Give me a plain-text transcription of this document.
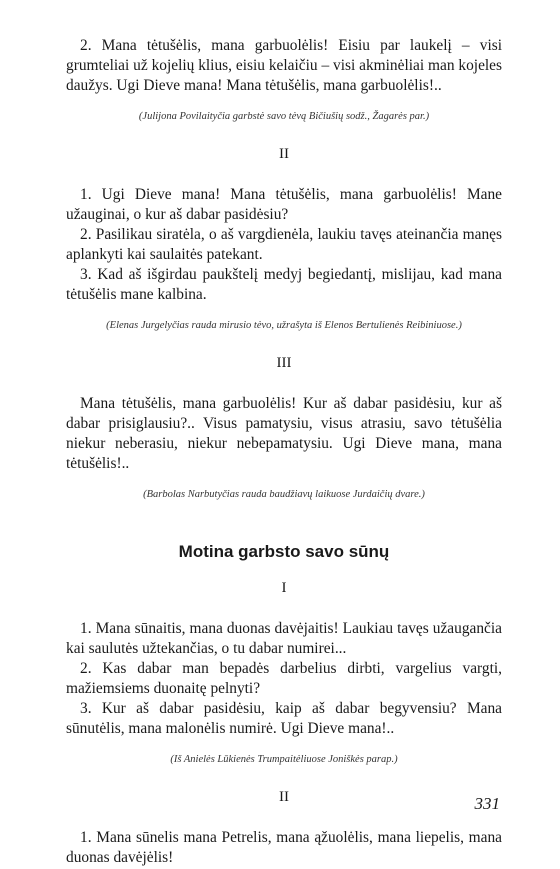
2. Mana tėtušėlis, mana garbuolėlis! Eisiu par laukelį – visi grumteliai už kojelių klius, eisiu kelaičiu – visi akminėliai man kojeles daužys. Ugi Dieve mana! Mana tėtušėlis, mana garbuolėlis!..

(Julijona Povilaityčia garbstė savo tėvą Bičiušių sodž., Žagarės par.)

II

1. Ugi Dieve mana! Mana tėtušėlis, mana garbuolėlis! Mane užauginai, o kur aš dabar pasidėsiu?

2. Pasilikau siratėla, o aš vargdienėla, laukiu tavęs ateinančia manęs aplankyti kai saulaitės patekant.

3. Kad aš išgirdau paukštelį medyj begiedantį, mislijau, kad mana tėtušėlis mane kalbina.

(Elenas Jurgelyčias rauda mirusio tėvo, užrašyta iš Elenos Bertulienės Reibiniuose.)

III

Mana tėtušėlis, mana garbuolėlis! Kur aš dabar pasidėsiu, kur aš dabar prisiglausiu?.. Visus pamatysiu, visus atrasiu, savo tėtušėlia niekur neberasiu, niekur nebepamatysiu. Ugi Dieve mana, mana tėtušėlis!..

(Barbolas Narbutyčias rauda baudžiavų laikuose Jurdaičių dvare.)

Motina garbsto savo sūnų
I

1. Mana sūnaitis, mana duonas davėjaitis! Laukiau tavęs užaugančia kai saulutės užtekančias, o tu dabar numirei...

2. Kas dabar man bepadės darbelius dirbti, vargelius vargti, mažiemsiems duonaitę pelnyti?

3. Kur aš dabar pasidėsiu, kaip aš dabar begyvensiu? Mana sūnutėlis, mana malonėlis numirė. Ugi Dieve mana!..

(Iš Anielės Lūkienės Trumpaitėliuose Joniškės parap.)

II

1. Mana sūnelis mana Petrelis, mana ąžuolėlis, mana liepelis, mana duonas davėjėlis!

331
